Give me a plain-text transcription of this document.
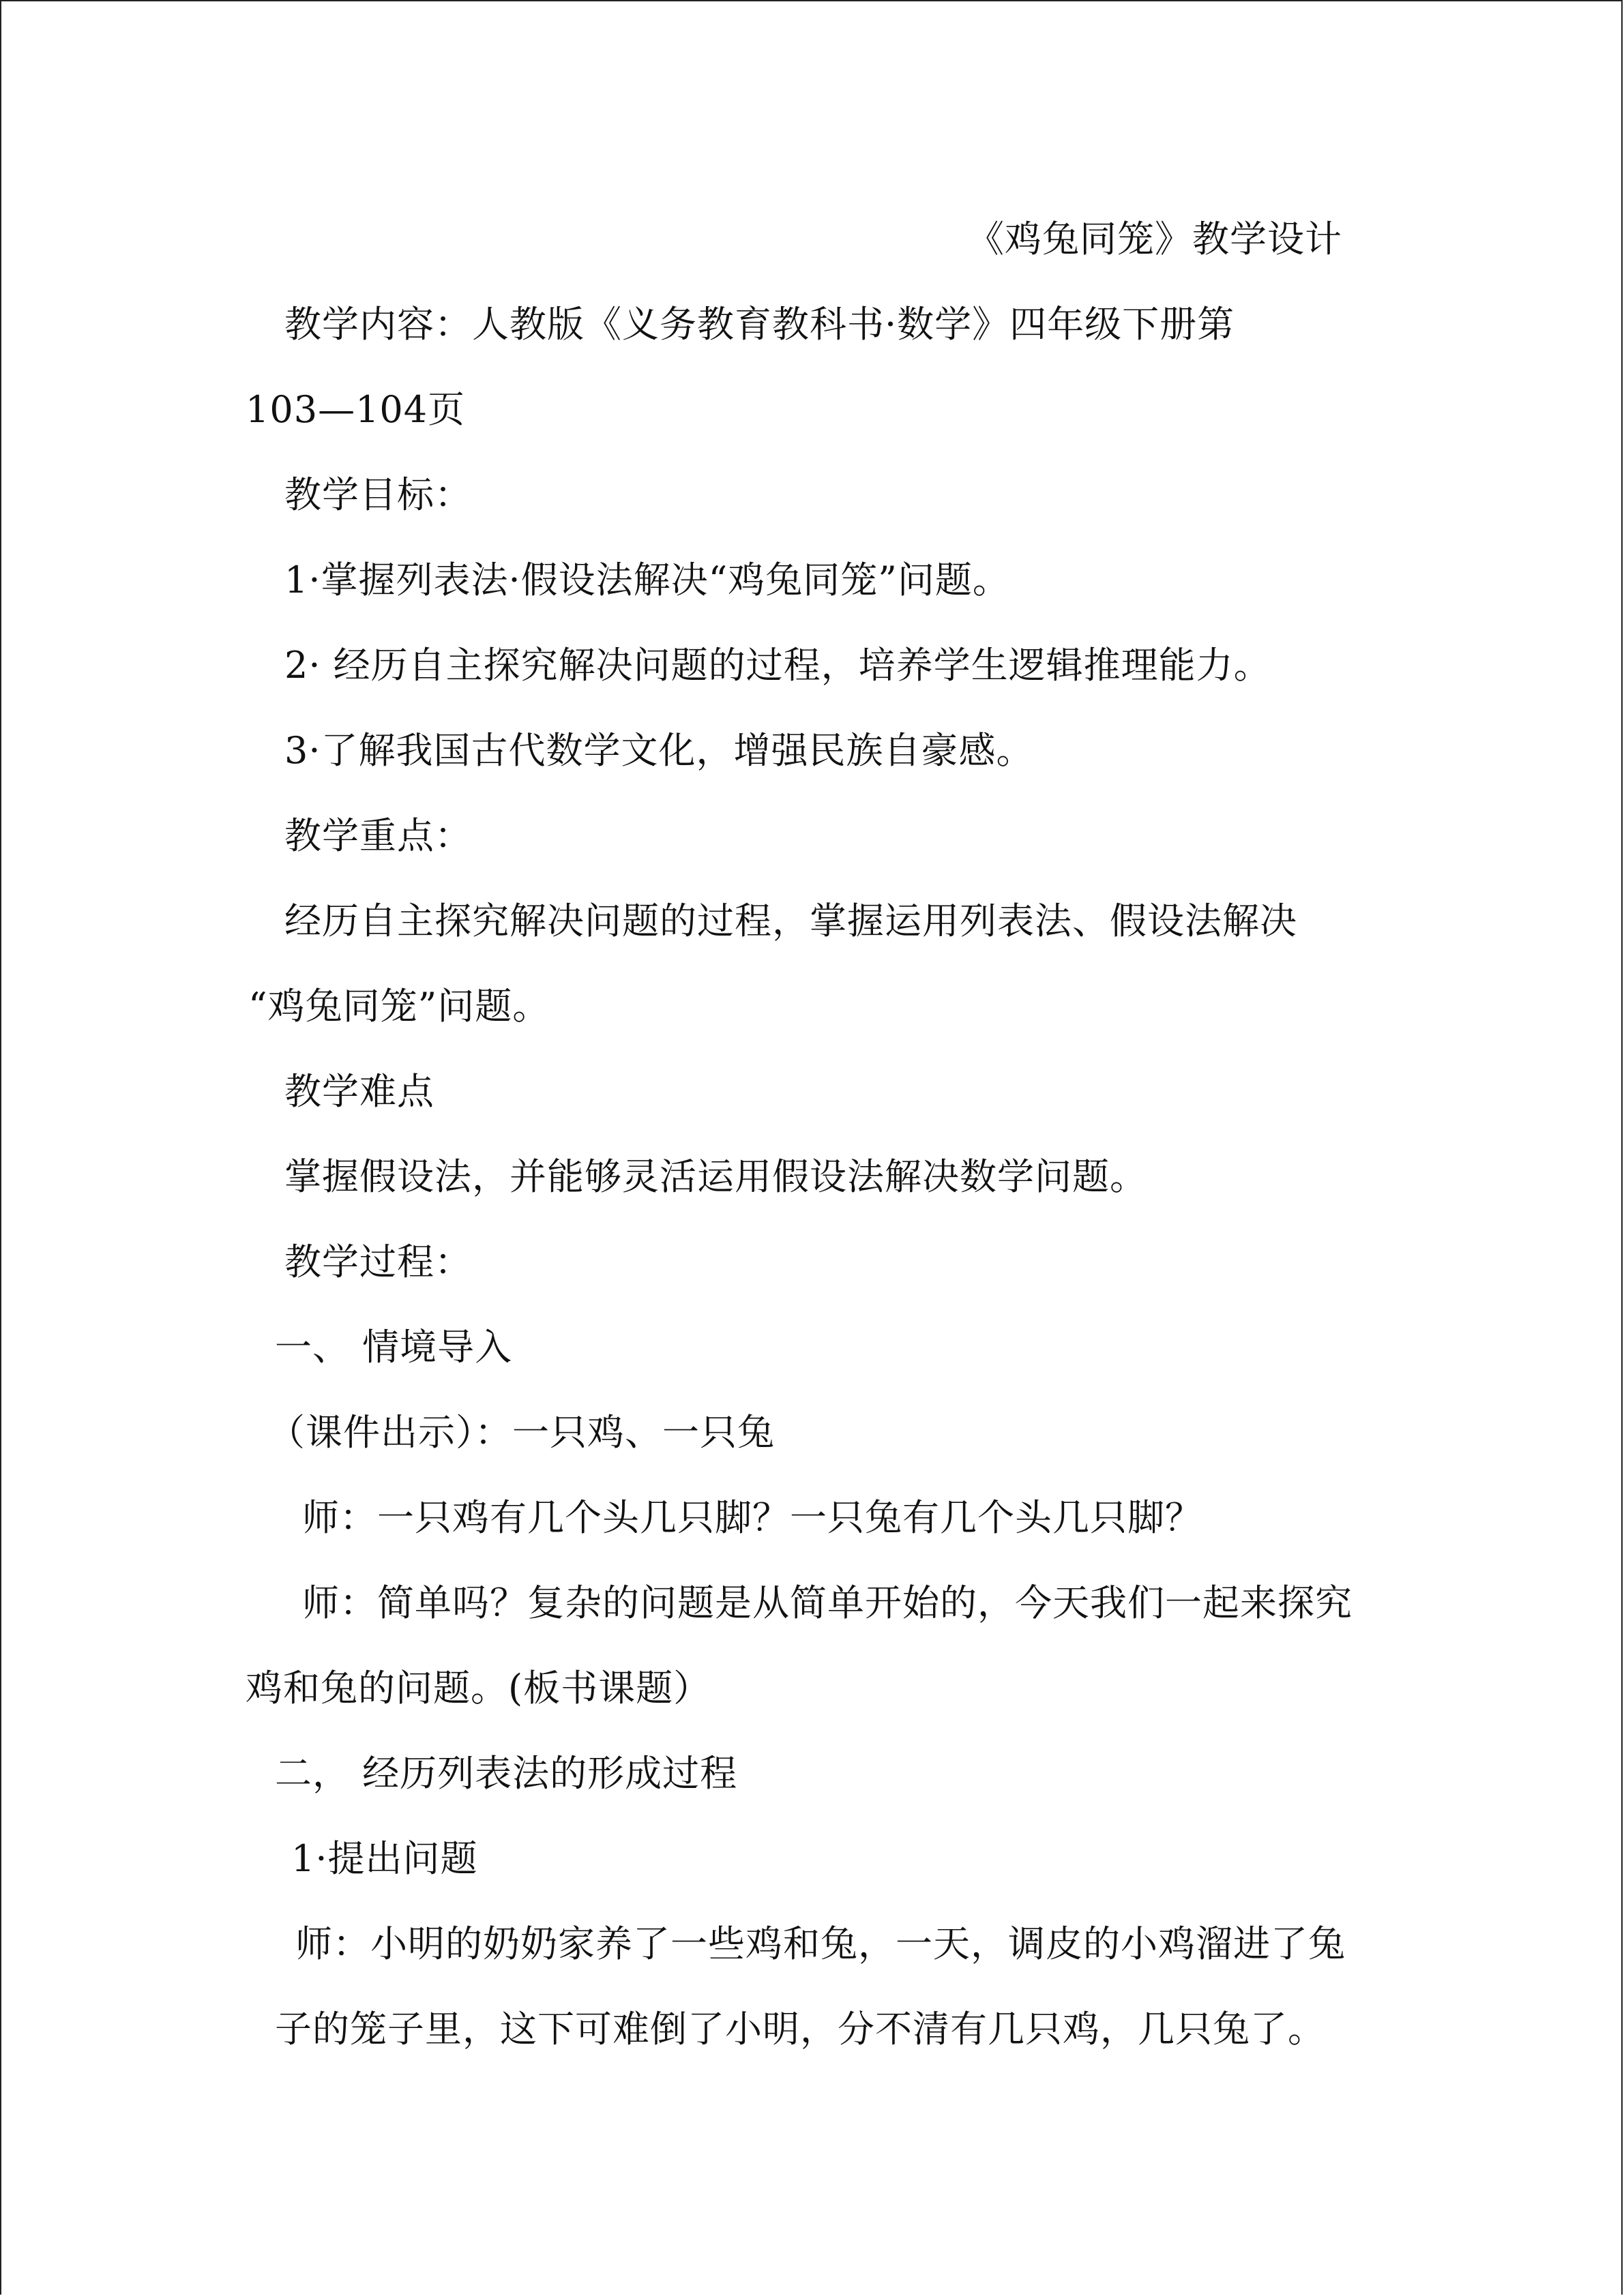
《鸡兔同笼》教学设计
教学内容：人教版《义务教育教科书·数学》四年级下册第
103—104页
教学目标：
1·掌握列表法·假设法解决“鸡兔同笼”问题。
2· 经历自主探究解决问题的过程，培养学生逻辑推理能力。
3·了解我国古代数学文化，增强民族自豪感。
教学重点：
经历自主探究解决问题的过程，掌握运用列表法、假设法解决
“鸡兔同笼”问题。
教学难点
掌握假设法，并能够灵活运用假设法解决数学问题。
教学过程：
一、 情境导入
（课件出示）：一只鸡、一只兔
师：一只鸡有几个头几只脚？一只兔有几个头几只脚？
师：简单吗？复杂的问题是从简单开始的，今天我们一起来探究
鸡和兔的问题。(板书课题）
二， 经历列表法的形成过程
1·提出问题
师：小明的奶奶家养了一些鸡和兔，一天，调皮的小鸡溜进了兔
子的笼子里，这下可难倒了小明，分不清有几只鸡，几只兔了。
